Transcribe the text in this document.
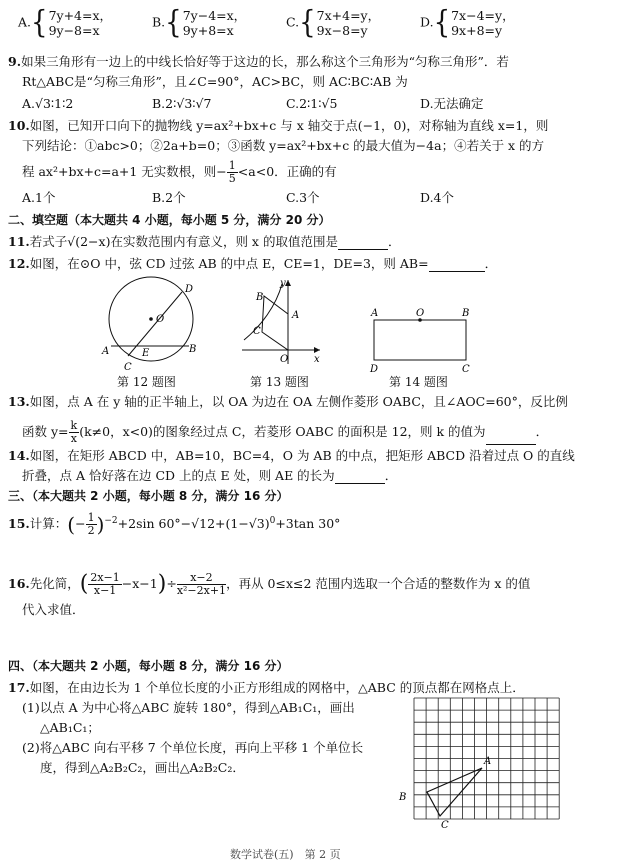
A.{7y+4=x，
9y−8=x
B.{7y−4=x，
9y+8=x
C.{7x+4=y，
9x−8=y
D.{7x−4=y，
9x+8=y
9.如果三角形有一边上的中线长恰好等于这边的长，那么称这个三角形为“匀称三角形”．若
Rt△ABC是“匀称三角形”，且∠C=90°，AC>BC，则 AC∶BC∶AB 为
A.√3∶1∶2	B.2∶√3∶√7	C.2∶1∶√5	D.无法确定
10.如图，已知开口向下的抛物线 y=ax²+bx+c 与 x 轴交于点(−1，0)，对称轴为直线 x=1，则
下列结论：①abc>0；②2a+b=0；③函数 y=ax²+bx+c 的最大值为−4a；④若关于 x 的方
程 ax²+bx+c=a+1 无实数根，则− $\frac{1}{5} <a<0$．正确的有
A.1个	B.2个	C.3个	D.4个
二、填空题（本大题共 4 小题，每小题 5 分，满分 20 分）
11.若式子√(2−x)在实数范围内有意义，则 x 的取值范围是	．
12.如图，在⊙O 中，弦 CD 过弦 AB 的中点 E，CE=1，DE=3，则 AB=	．
O
D
A	E	B
C
第 12 题图
y
B
A
C
O	x
第 13 题图
A	O	B
D	C
第 14 题图
13.如图，点 A 在 y 轴的正半轴上，以 OA 为边在 OA 左侧作菱形 OABC，且∠AOC=60°，反比例
函数 $y= \frac{k}{x} (k\ne 0$，x<0)的图象经过点 C，若菱形 OABC 的面积是 12，则 k 的值为	．
14.如图，在矩形 ABCD 中，AB=10，BC=4，O 为 AB 的中点，把矩形 ABCD 沿着过点 O 的直线
折叠，点 A 恰好落在边 CD 上的点 E 处，则 AE 的长为	．
三、（本大题共 2 小题，每小题 8 分，满分 16 分）
15.计算：(− $\frac{1}{2} )^{-2}+2\sin$ $60^\circ-√12+(1-√3)^0+3\tan$ 30°
16.先化简，( $\frac{2x-1}{x-1} -x-1)\div \frac{x-2}{\text{x²−2x+1}}$ ，再从 0≤x≤2 范围内选取一个合适的整数作为 x 的值
代入求值．
四、（本大题共 2 小题，每小题 8 分，满分 16 分）
17.如图，在由边长为 1 个单位长度的小正方形组成的网格中，△ABC 的顶点都在网格点上．
(1)以点 A 为中心将△ABC 旋转 180°，得到△AB₁C₁，画出
△AB₁C₁；
(2)将△ABC 向右平移 7 个单位长度，再向上平移 1 个单位长
度，得到△A₂B₂C₂，画出△A₂B₂C₂．	A
B
C
数学试卷(五)　第 2 页
